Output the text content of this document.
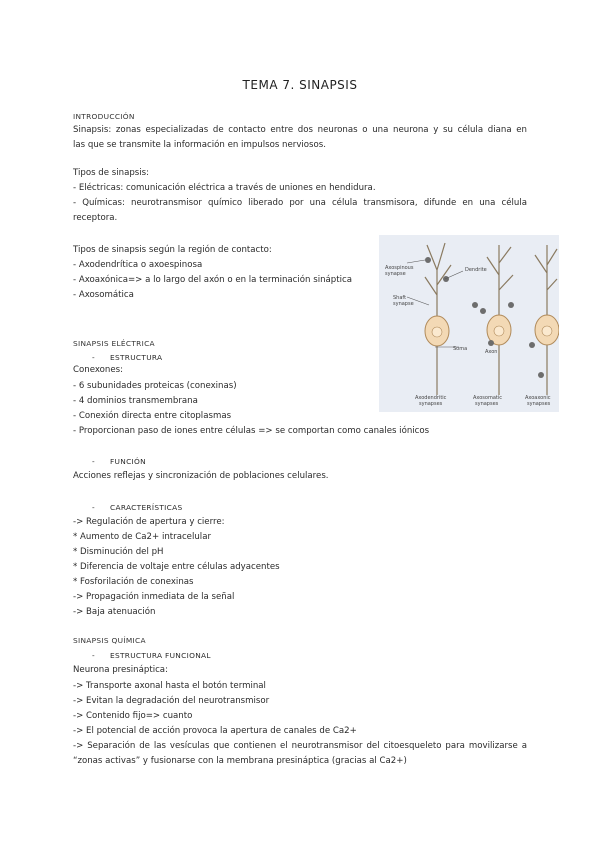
TEMA 7. SINAPSIS
INTRODUCCIÓN
Sinapsis: zonas especializadas de contacto entre dos neuronas o una neurona y su célula diana en
las que se transmite la información en impulsos nerviosos.
Tipos de sinapsis:
- Eléctricas: comunicación eléctrica a través de uniones en hendidura.
- Químicas: neurotransmisor químico liberado por una célula transmisora, difunde en una célula
receptora.
Tipos de sinapsis según la región de contacto:
- Axodendrítica o axoespinosa
- Axoaxónica=> a lo largo del axón o en la terminación sináptica
- Axosomática
Axospinous
synapse
Dendrite
Shaft
synapse
Soma	Axon
Axodendritic
synapses
Axosomatic
synapses
Axoaxonic
synapses
SINAPSIS ELÉCTRICA
- ESTRUCTURA
Conexones:
- 6 subunidades proteicas (conexinas)
- 4 dominios transmembrana
- Conexión directa entre citoplasmas
- Proporcionan paso de iones entre células => se comportan como canales iónicos
- FUNCIÓN
Acciones reflejas y sincronización de poblaciones celulares.
- CARACTERÍSTICAS
-> Regulación de apertura y cierre:
* Aumento de Ca2+ intracelular
* Disminución del pH
* Diferencia de voltaje entre células adyacentes
* Fosforilación de conexinas
-> Propagación inmediata de la señal
-> Baja atenuación
SINAPSIS QUÍMICA
- ESTRUCTURA FUNCIONAL
Neurona presináptica:
-> Transporte axonal hasta el botón terminal
-> Evitan la degradación del neurotransmisor
-> Contenido fijo=> cuanto
-> El potencial de acción provoca la apertura de canales de Ca2+
-> Separación de las vesículas que contienen el neurotransmisor del citoesqueleto para movilizarse a
“zonas activas” y fusionarse con la membrana presináptica (gracias al Ca2+)
